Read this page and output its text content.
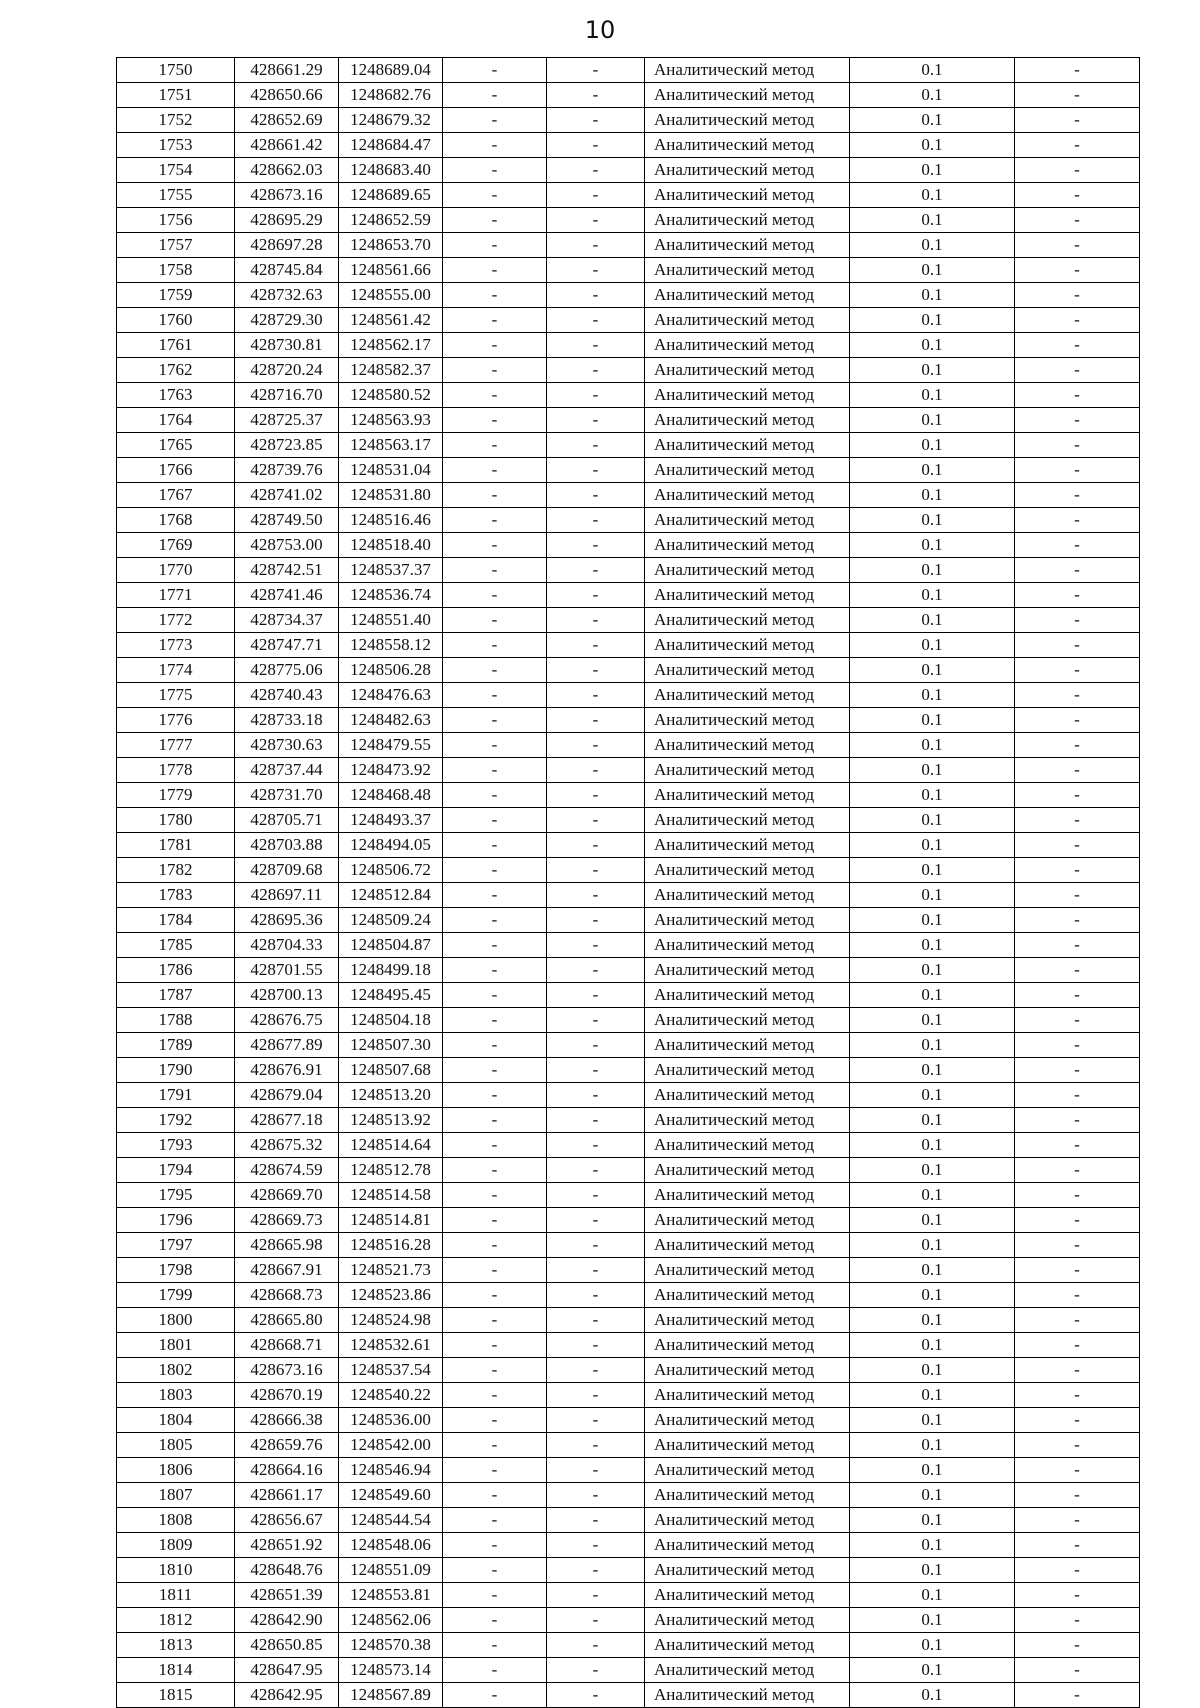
10
1750	428661.29	1248689.04	-	-	Аналитический метод	0.1	-
1751	428650.66	1248682.76	-	-	Аналитический метод	0.1	-
1752	428652.69	1248679.32	-	-	Аналитический метод	0.1	-
1753	428661.42	1248684.47	-	-	Аналитический метод	0.1	-
1754	428662.03	1248683.40	-	-	Аналитический метод	0.1	-
1755	428673.16	1248689.65	-	-	Аналитический метод	0.1	-
1756	428695.29	1248652.59	-	-	Аналитический метод	0.1	-
1757	428697.28	1248653.70	-	-	Аналитический метод	0.1	-
1758	428745.84	1248561.66	-	-	Аналитический метод	0.1	-
1759	428732.63	1248555.00	-	-	Аналитический метод	0.1	-
1760	428729.30	1248561.42	-	-	Аналитический метод	0.1	-
1761	428730.81	1248562.17	-	-	Аналитический метод	0.1	-
1762	428720.24	1248582.37	-	-	Аналитический метод	0.1	-
1763	428716.70	1248580.52	-	-	Аналитический метод	0.1	-
1764	428725.37	1248563.93	-	-	Аналитический метод	0.1	-
1765	428723.85	1248563.17	-	-	Аналитический метод	0.1	-
1766	428739.76	1248531.04	-	-	Аналитический метод	0.1	-
1767	428741.02	1248531.80	-	-	Аналитический метод	0.1	-
1768	428749.50	1248516.46	-	-	Аналитический метод	0.1	-
1769	428753.00	1248518.40	-	-	Аналитический метод	0.1	-
1770	428742.51	1248537.37	-	-	Аналитический метод	0.1	-
1771	428741.46	1248536.74	-	-	Аналитический метод	0.1	-
1772	428734.37	1248551.40	-	-	Аналитический метод	0.1	-
1773	428747.71	1248558.12	-	-	Аналитический метод	0.1	-
1774	428775.06	1248506.28	-	-	Аналитический метод	0.1	-
1775	428740.43	1248476.63	-	-	Аналитический метод	0.1	-
1776	428733.18	1248482.63	-	-	Аналитический метод	0.1	-
1777	428730.63	1248479.55	-	-	Аналитический метод	0.1	-
1778	428737.44	1248473.92	-	-	Аналитический метод	0.1	-
1779	428731.70	1248468.48	-	-	Аналитический метод	0.1	-
1780	428705.71	1248493.37	-	-	Аналитический метод	0.1	-
1781	428703.88	1248494.05	-	-	Аналитический метод	0.1	-
1782	428709.68	1248506.72	-	-	Аналитический метод	0.1	-
1783	428697.11	1248512.84	-	-	Аналитический метод	0.1	-
1784	428695.36	1248509.24	-	-	Аналитический метод	0.1	-
1785	428704.33	1248504.87	-	-	Аналитический метод	0.1	-
1786	428701.55	1248499.18	-	-	Аналитический метод	0.1	-
1787	428700.13	1248495.45	-	-	Аналитический метод	0.1	-
1788	428676.75	1248504.18	-	-	Аналитический метод	0.1	-
1789	428677.89	1248507.30	-	-	Аналитический метод	0.1	-
1790	428676.91	1248507.68	-	-	Аналитический метод	0.1	-
1791	428679.04	1248513.20	-	-	Аналитический метод	0.1	-
1792	428677.18	1248513.92	-	-	Аналитический метод	0.1	-
1793	428675.32	1248514.64	-	-	Аналитический метод	0.1	-
1794	428674.59	1248512.78	-	-	Аналитический метод	0.1	-
1795	428669.70	1248514.58	-	-	Аналитический метод	0.1	-
1796	428669.73	1248514.81	-	-	Аналитический метод	0.1	-
1797	428665.98	1248516.28	-	-	Аналитический метод	0.1	-
1798	428667.91	1248521.73	-	-	Аналитический метод	0.1	-
1799	428668.73	1248523.86	-	-	Аналитический метод	0.1	-
1800	428665.80	1248524.98	-	-	Аналитический метод	0.1	-
1801	428668.71	1248532.61	-	-	Аналитический метод	0.1	-
1802	428673.16	1248537.54	-	-	Аналитический метод	0.1	-
1803	428670.19	1248540.22	-	-	Аналитический метод	0.1	-
1804	428666.38	1248536.00	-	-	Аналитический метод	0.1	-
1805	428659.76	1248542.00	-	-	Аналитический метод	0.1	-
1806	428664.16	1248546.94	-	-	Аналитический метод	0.1	-
1807	428661.17	1248549.60	-	-	Аналитический метод	0.1	-
1808	428656.67	1248544.54	-	-	Аналитический метод	0.1	-
1809	428651.92	1248548.06	-	-	Аналитический метод	0.1	-
1810	428648.76	1248551.09	-	-	Аналитический метод	0.1	-
1811	428651.39	1248553.81	-	-	Аналитический метод	0.1	-
1812	428642.90	1248562.06	-	-	Аналитический метод	0.1	-
1813	428650.85	1248570.38	-	-	Аналитический метод	0.1	-
1814	428647.95	1248573.14	-	-	Аналитический метод	0.1	-
1815	428642.95	1248567.89	-	-	Аналитический метод	0.1	-
